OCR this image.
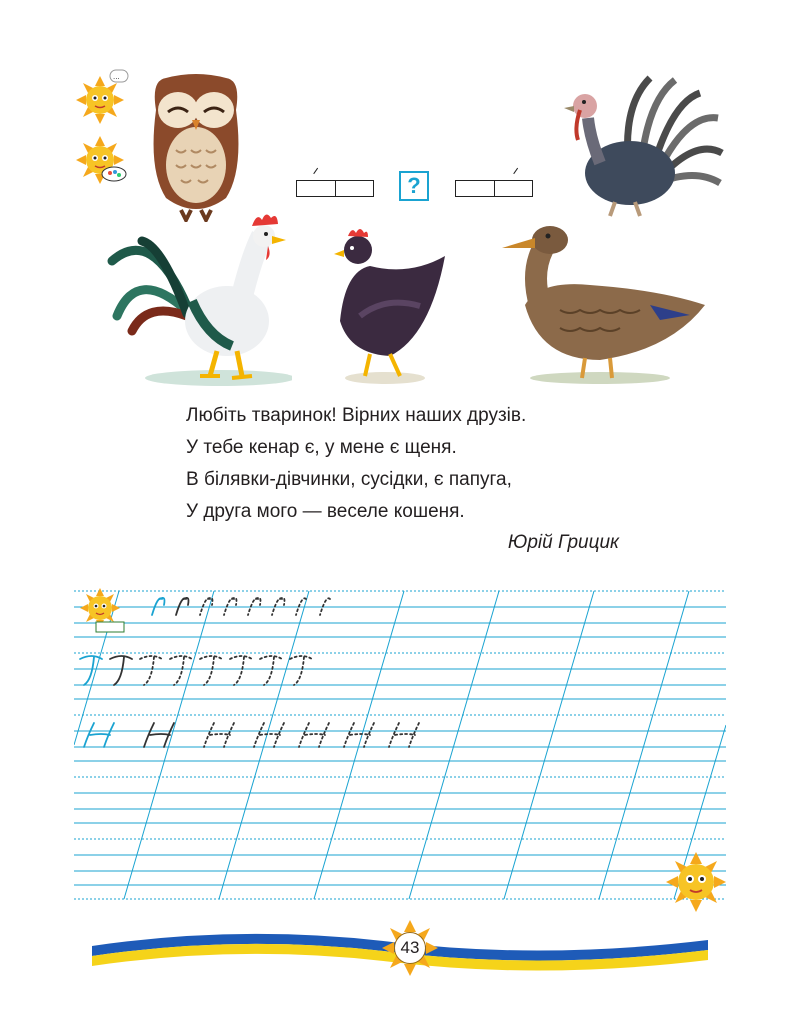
...
?
Любіть тваринок! Вірних наших друзів.
У тебе кенар є, у мене є щеня.
В білявки-дівчинки, сусідки, є папуга,
У друга мого — веселе кошеня.
Юрій Грицик
43
